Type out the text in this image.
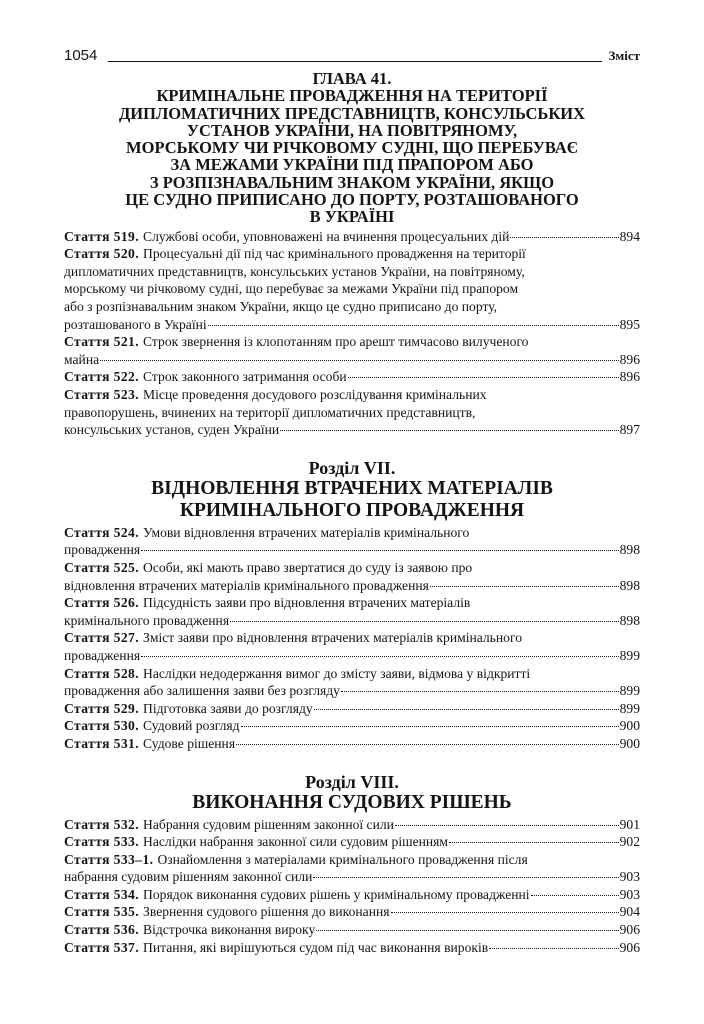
1054	Зміст
ГЛАВА 41.
КРИМІНАЛЬНЕ ПРОВАДЖЕННЯ НА ТЕРИТОРІЇ
ДИПЛОМАТИЧНИХ ПРЕДСТАВНИЦТВ, КОНСУЛЬСЬКИХ
УСТАНОВ УКРАЇНИ, НА ПОВІТРЯНОМУ,
МОРСЬКОМУ ЧИ РІЧКОВОМУ СУДНІ, ЩО ПЕРЕБУВАЄ
ЗА МЕЖАМИ УКРАЇНИ ПІД ПРАПОРОМ АБО
З РОЗПІЗНАВАЛЬНИМ ЗНАКОМ УКРАЇНИ, ЯКЩО
ЦЕ СУДНО ПРИПИСАНО ДО ПОРТУ, РОЗТАШОВАНОГО
В УКРАЇНІ
Стаття 519. Службові особи, уповноважені на вчинення процесуальних дій	894
Стаття 520. Процесуальні дії під час кримінального провадження на території
дипломатичних представництв, консульських установ України, на повітряному,
морському чи річковому судні, що перебуває за межами України під прапором
або з розпізнавальним знаком України, якщо це судно приписано до порту,
розташованого в Україні	895
Стаття 521. Строк звернення із клопотанням про арешт тимчасово вилученого
майна	896
Стаття 522. Строк законного затримання особи	896
Стаття 523. Місце проведення досудового розслідування кримінальних
правопорушень, вчинених на території дипломатичних представництв,
консульських установ, суден України	897
Розділ VII.
ВІДНОВЛЕННЯ ВТРАЧЕНИХ МАТЕРІАЛІВ
КРИМІНАЛЬНОГО ПРОВАДЖЕННЯ
Стаття 524. Умови відновлення втрачених матеріалів кримінального
провадження	898
Стаття 525. Особи, які мають право звертатися до суду із заявою про
відновлення втрачених матеріалів кримінального провадження	898
Стаття 526. Підсудність заяви про відновлення втрачених матеріалів
кримінального провадження	898
Стаття 527. Зміст заяви про відновлення втрачених матеріалів кримінального
провадження	899
Стаття 528. Наслідки недодержання вимог до змісту заяви, відмова у відкритті
провадження або залишення заяви без розгляду	899
Стаття 529. Підготовка заяви до розгляду	899
Стаття 530. Судовий розгляд	900
Стаття 531. Судове рішення	900
Розділ VIII.
ВИКОНАННЯ СУДОВИХ РІШЕНЬ
Стаття 532. Набрання судовим рішенням законної сили	901
Стаття 533. Наслідки набрання законної сили судовим рішенням	902
Стаття 533–1. Ознайомлення з матеріалами кримінального провадження після
набрання судовим рішенням законної сили	903
Стаття 534. Порядок виконання судових рішень у кримінальному провадженні	903
Стаття 535. Звернення судового рішення до виконання	904
Стаття 536. Відстрочка виконання вироку	906
Стаття 537. Питання, які вирішуються судом під час виконання вироків	906
